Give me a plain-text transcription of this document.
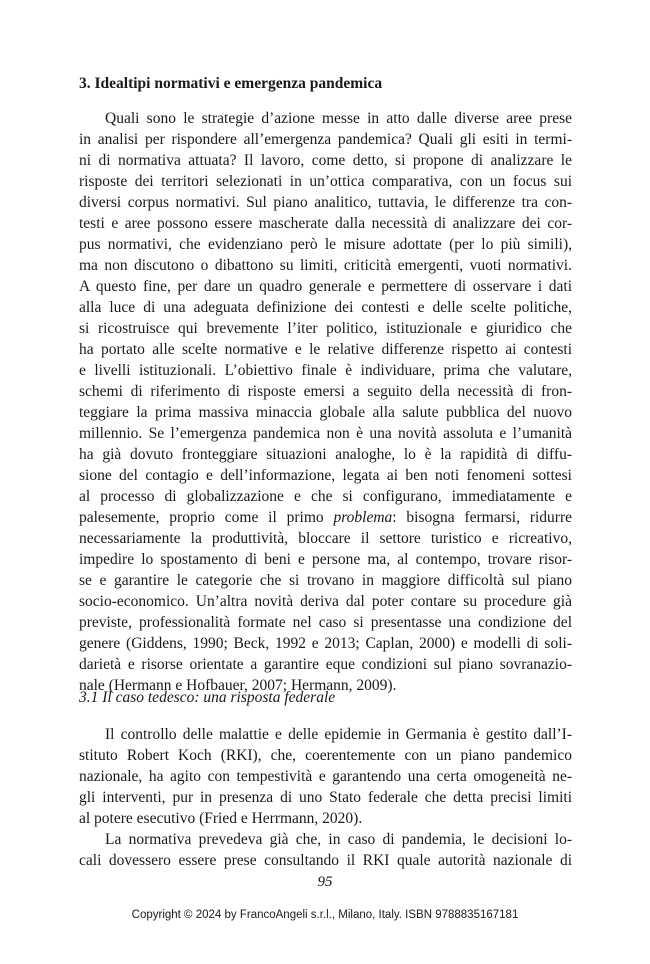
3. Idealtipi normativi e emergenza pandemica
Quali sono le strategie d’azione messe in atto dalle diverse aree prese
in analisi per rispondere all’emergenza pandemica? Quali gli esiti in termi-
ni di normativa attuata? Il lavoro, come detto, si propone di analizzare le
risposte dei territori selezionati in un’ottica comparativa, con un focus sui
diversi corpus normativi. Sul piano analitico, tuttavia, le differenze tra con-
testi e aree possono essere mascherate dalla necessità di analizzare dei cor-
pus normativi, che evidenziano però le misure adottate (per lo più simili),
ma non discutono o dibattono su limiti, criticità emergenti, vuoti normativi.
A questo fine, per dare un quadro generale e permettere di osservare i dati
alla luce di una adeguata definizione dei contesti e delle scelte politiche,
si ricostruisce qui brevemente l’iter politico, istituzionale e giuridico che
ha portato alle scelte normative e le relative differenze rispetto ai contesti
e livelli istituzionali. L’obiettivo finale è individuare, prima che valutare,
schemi di riferimento di risposte emersi a seguito della necessità di fron-
teggiare la prima massiva minaccia globale alla salute pubblica del nuovo
millennio. Se l’emergenza pandemica non è una novità assoluta e l’umanità
ha già dovuto fronteggiare situazioni analoghe, lo è la rapidità di diffu-
sione del contagio e dell’informazione, legata ai ben noti fenomeni sottesi
al processo di globalizzazione e che si configurano, immediatamente e
palesemente, proprio come il primo problema: bisogna fermarsi, ridurre
necessariamente la produttività, bloccare il settore turistico e ricreativo,
impedire lo spostamento di beni e persone ma, al contempo, trovare risor-
se e garantire le categorie che si trovano in maggiore difficoltà sul piano
socio-economico. Un’altra novità deriva dal poter contare su procedure già
previste, professionalità formate nel caso si presentasse una condizione del
genere (Giddens, 1990; Beck, 1992 e 2013; Caplan, 2000) e modelli di soli-
darietà e risorse orientate a garantire eque condizioni sul piano sovranazio-
nale (Hermann e Hofbauer, 2007; Hermann, 2009).
3.1 Il caso tedesco: una risposta federale
Il controllo delle malattie e delle epidemie in Germania è gestito dall’I-
stituto Robert Koch (RKI), che, coerentemente con un piano pandemico
nazionale, ha agito con tempestività e garantendo una certa omogeneità ne-
gli interventi, pur in presenza di uno Stato federale che detta precisi limiti
al potere esecutivo (Fried e Herrmann, 2020).
La normativa prevedeva già che, in caso di pandemia, le decisioni lo-
cali dovessero essere prese consultando il RKI quale autorità nazionale di
95
Copyright © 2024 by FrancoAngeli s.r.l., Milano, Italy. ISBN 9788835167181
